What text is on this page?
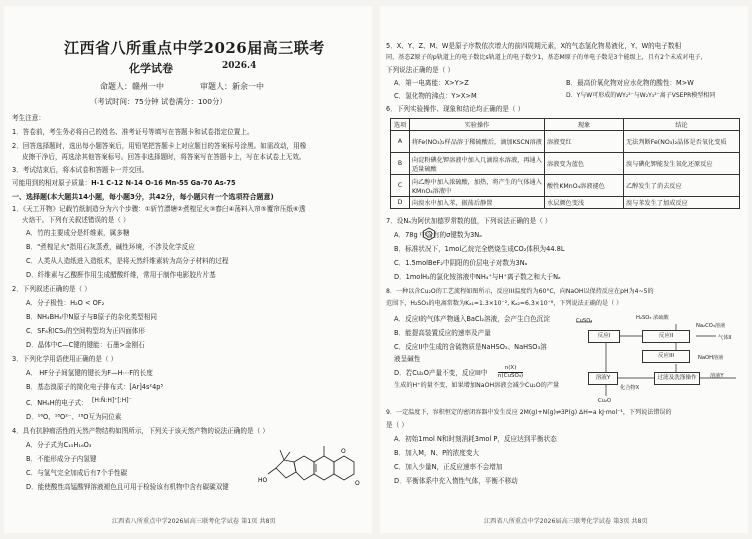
江西省八所重点中学2026届高三联考
化学试卷	2026.4
命题人：赣州一中	审题人：新余一中
（考试时间：75分钟 试卷满分：100分）
考生注意：
1．答卷前，考生务必将自己的姓名、准考证号等填写在答题卡和试卷指定位置上。
2．回答选择题时，选出每小题答案后，用铅笔把答题卡上对应题目的答案标号涂黑。如需改动，用橡
皮擦干净后，再选涂其他答案标号。回答非选择题时，将答案写在答题卡上，写在本试卷上无效。
3．考试结束后，将本试卷和答题卡一并交回。
可能用到的相对原子质量：H-1 C-12 N-14 O-16 Mn-55 Ga-70 As-75
一、选择题(本大题共14小题，每小题3分，共42分，每小题只有一个选项符合题意)
1．《天工开物》记载竹纸制造分为六个步骤：①斩竹漂塘②煮楻足火③舂臼④荡料入帘⑤覆帘压纸⑥透
火焙干。下列有关叙述错误的是（ ）
A．竹的主要成分是纤维素，属多糖
B．"煮楻足火"指用石灰蒸煮，碱性环境，不涉及化学反应
C．人类从人造纸进入造纸术，是将天然纤维素转为高分子材料的过程
D．纤维素与乙酸酐作用生成醋酸纤维，常用于制作电影胶片片基
2．下列叙述正确的是（ ）
A．分子极性：H₂O < OF₂
B．NH₄BH₄中N原子与B原子的杂化类型相同
C．SF₆和CS₂的空间构型均为正四面体形
D．晶体中C—C键的键能：石墨>金刚石
3．下列化学用语使用正确的是（ ）
A． HF分子间氢键的键长为F—H⋯F的长度
B．基态溴原子的简化电子排布式：[Ar]4s²4p⁵
C．NH₄H的电子式： [H:N̈:H]⁺[:H]⁻
D．¹⁶O、¹⁸O²⁻、¹⁸O互为同位素
4．具有抗肿瘤活性的天然产物结构如图所示，下列关于该天然产物的说法正确的是（ ）
A．分子式为C₁₅H₁₆O₃
B．不能形成分子内氢键
C．与氢气完全加成后有7个手性碳
D．能使酸性高锰酸钾溶液褪色且可用于检验该有机物中含有碳碳双键
HO
O
O
江西省八所重点中学2026届高三联考化学试卷 第1页 共8页
5．X、Y、Z、M、W是原子序数依次增大的前四周期元素，X的气态氢化物易液化，Y、W的电子数相
同，基态Z原子的p轨道上的电子数比s轨道上的电子数少1，基态M原子的单电子数是3个能级上，且有2个未成对电子，
下列说法正确的是（ ）
A．第一电离能：X>Y>Z	B．最高价氧化物对应水化物的酸性：M>W
C．氢化物的沸点：Y>X>M	D．Y与W可形成的WY₂²⁻与W₂Y₃²⁻离子VSEPR模型相同
6．下列实验操作、现象和结论均正确的是（ ）
选项	实验操作	现象	结论
A	将Fe(NO₃)₂样品溶于稀硫酸后，滴加KSCN溶液	溶液变红	无法判断Fe(NO₃)₂晶体是否氧化变质
B	向淀粉碘化钾溶液中加入几滴溴水溶液，再通入适量硫酸	溶液变为蓝色	溴与碘化钾能发生氧化还原反应
C	向乙醇中加入浓硫酸，加热，将产生的气体通入KMnO₄溶液中	酸性KMnO₄溶液褪色	乙醇发生了消去反应
D	向溴水中加入苯，振荡后静置	水层颜色变浅	溴与苯发生了加成反应
7．设Nₐ为阿伏加德罗常数的值，下列说法正确的是（ ）
A．78g 中含有的σ键数为3Nₐ
B．标准状况下，1mol乙烷完全燃烧生成CO₂体积为44.8L
C．1.5molBeF₂中阴阳的价层电子对数为3Nₐ
D．1molH₂的氯化铵溶液中NH₄⁺与H⁺离子数之和大于Nₐ
8．一种以含Cu₂O的工艺流程如图所示，反应III温度约为60°C，向NaOH以保持反应在pH为4~5的
范围下，H₂SO₃的电离常数为Kₐ₁=1.3×10⁻², Kₐ₂=6.3×10⁻⁸，下列说法正确的是（ ）
A．反应I的气体产物通入BaCl₂溶液，会产生白色沉淀
B．能提高装置反应的速率及产量
C．反应II中生成的含硫物质是NaHSO₃、NaHSO₃溶
液呈碱性
D．若Cu₂O产量不变，反应III中
n(X)
n(CuSO₄)
生成的H⁺的量不变，如果增加NaOH溶液会减少Cu₂O的产量
反应I	反应II
反应III
过滤及洗涤操作
溶液Y
H₂SO₃ 浓硫酸
Na₂CO₃溶液
气体II
CuSO₄
NaOH溶液
化合物X
溶液Y
Cu₂O
9．一定温度下，容积恒定的密闭容器中发生反应 2M(g)+N(g)⇌3P(g) ΔH=a kJ·mol⁻¹，下列说法错误的
是（ ）
A．初始1mol N和时刻消耗3mol P，反应达到平衡状态
B．加入M，N、P的浓度变大
C．加入少量N，正反应速率不会增加
D．平衡体系中充入惰性气体，平衡不移动
江西省八所重点中学2026届高三联考化学试卷 第3页 共8页
